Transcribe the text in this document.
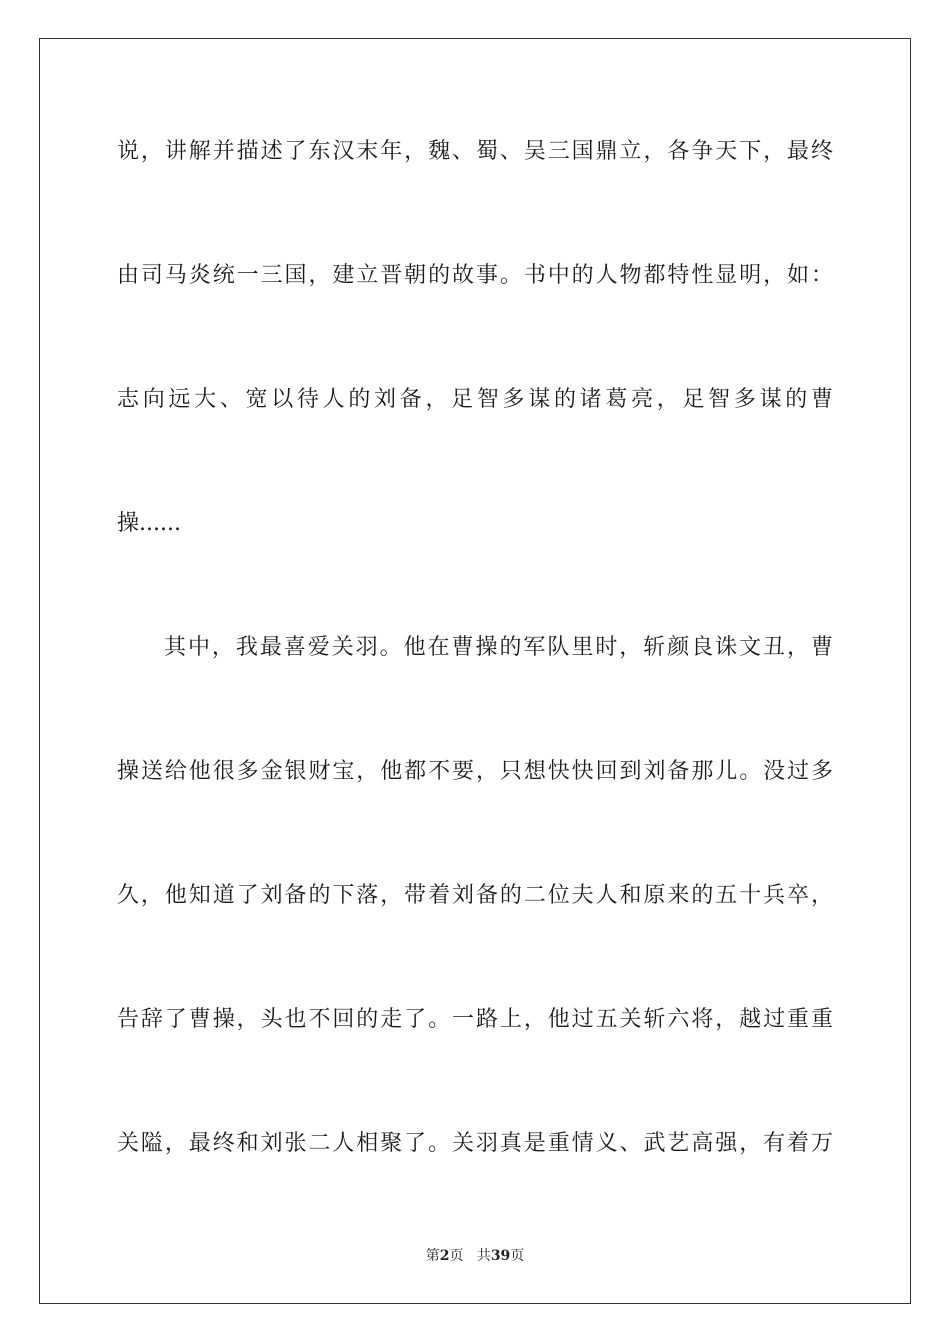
说，讲解并描述了东汉末年，魏、蜀、吴三国鼎立，各争天下，最终
由司马炎统一三国，建立晋朝的故事。书中的人物都特性显明，如：
志向远大、宽以待人的刘备，足智多谋的诸葛亮，足智多谋的曹
操......
其中，我最喜爱关羽。他在曹操的军队里时，斩颜良诛文丑，曹
操送给他很多金银财宝，他都不要，只想快快回到刘备那儿。没过多
久，他知道了刘备的下落，带着刘备的二位夫人和原来的五十兵卒，
告辞了曹操，头也不回的走了。一路上，他过五关斩六将，越过重重
关隘，最终和刘张二人相聚了。关羽真是重情义、武艺高强，有着万
第2页 共39页
